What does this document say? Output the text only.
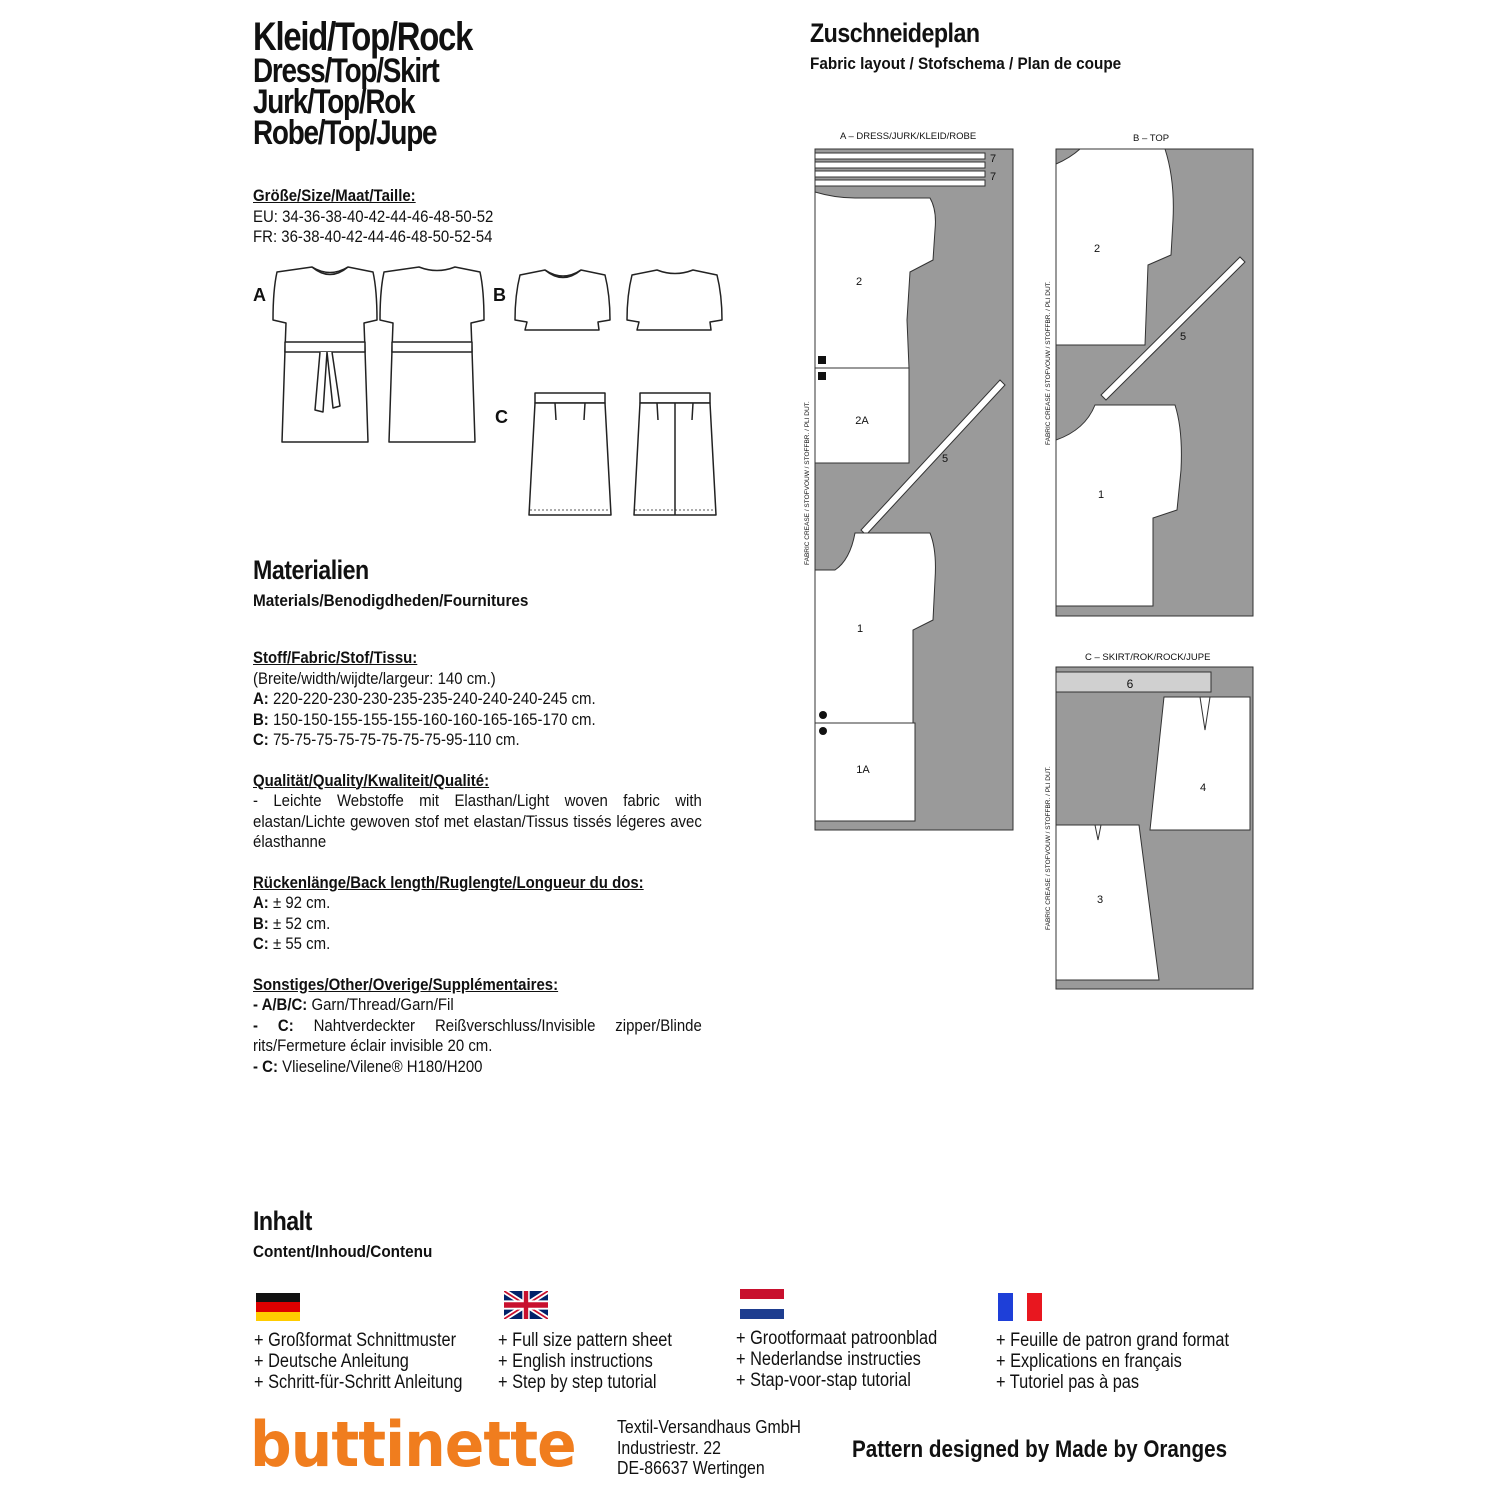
Kleid/Top/Rock
Dress/Top/Skirt
Jurk/Top/Rok
Robe/Top/Jupe
Größe/Size/Maat/Taille:
EU: 34-36-38-40-42-44-46-48-50-52
FR: 36-38-40-42-44-46-48-50-52-54
A	B
C
Materialien
Materials/Benodigdheden/Fournitures
Stoff/Fabric/Stof/Tissu:
(Breite/width/wijdte/largeur: 140 cm.)
A: 220-220-230-230-235-235-240-240-240-245 cm.
B: 150-150-155-155-155-160-160-165-165-170 cm.
C: 75-75-75-75-75-75-75-75-95-110 cm.
Qualität/Quality/Kwaliteit/Qualité:
- Leichte Webstoffe mit Elasthan/Light woven fabric with elastan/Lichte gewoven stof met elastan/Tissus tissés légeres avec élasthanne
Rückenlänge/Back length/Ruglengte/Longueur du dos:
A: ± 92 cm.
B: ± 52 cm.
C: ± 55 cm.
Sonstiges/Other/Overige/Supplémentaires:
- A/B/C: Garn/Thread/Garn/Fil
- C: Nahtverdeckter Reißverschluss/Invisible zipper/Blinde rits/Fermeture éclair invisible 20 cm.
- C: Vlieseline/Vilene® H180/H200
Zuschneideplan
Fabric layout / Stofschema / Plan de coupe
A – DRESS/JURK/KLEID/ROBE	B – TOP
C – SKIRT/ROK/ROCK/JUPE
7
7
2
2A
5
1
1A
2
5
1
6
4
3
FABRIC CREASE / STOFVOUW / STOFFBR. / PLI DUT.
FABRIC CREASE / STOFVOUW / STOFFBR. / PLI DUT.
FABRIC CREASE / STOFVOUW / STOFFBR. / PLI DUT.
Inhalt
Content/Inhoud/Contenu
+ Großformat Schnittmuster
+ Deutsche Anleitung
+ Schritt-für-Schritt Anleitung
+ Full size pattern sheet
+ English instructions
+ Step by step tutorial
+ Grootformaat patroonblad
+ Nederlandse instructies
+ Stap-voor-stap tutorial
+ Feuille de patron grand format
+ Explications en français
+ Tutoriel pas à pas
buttinette Textil-Versandhaus GmbH
Industriestr. 22
DE-86637 Wertingen
Pattern designed by Made by Oranges
